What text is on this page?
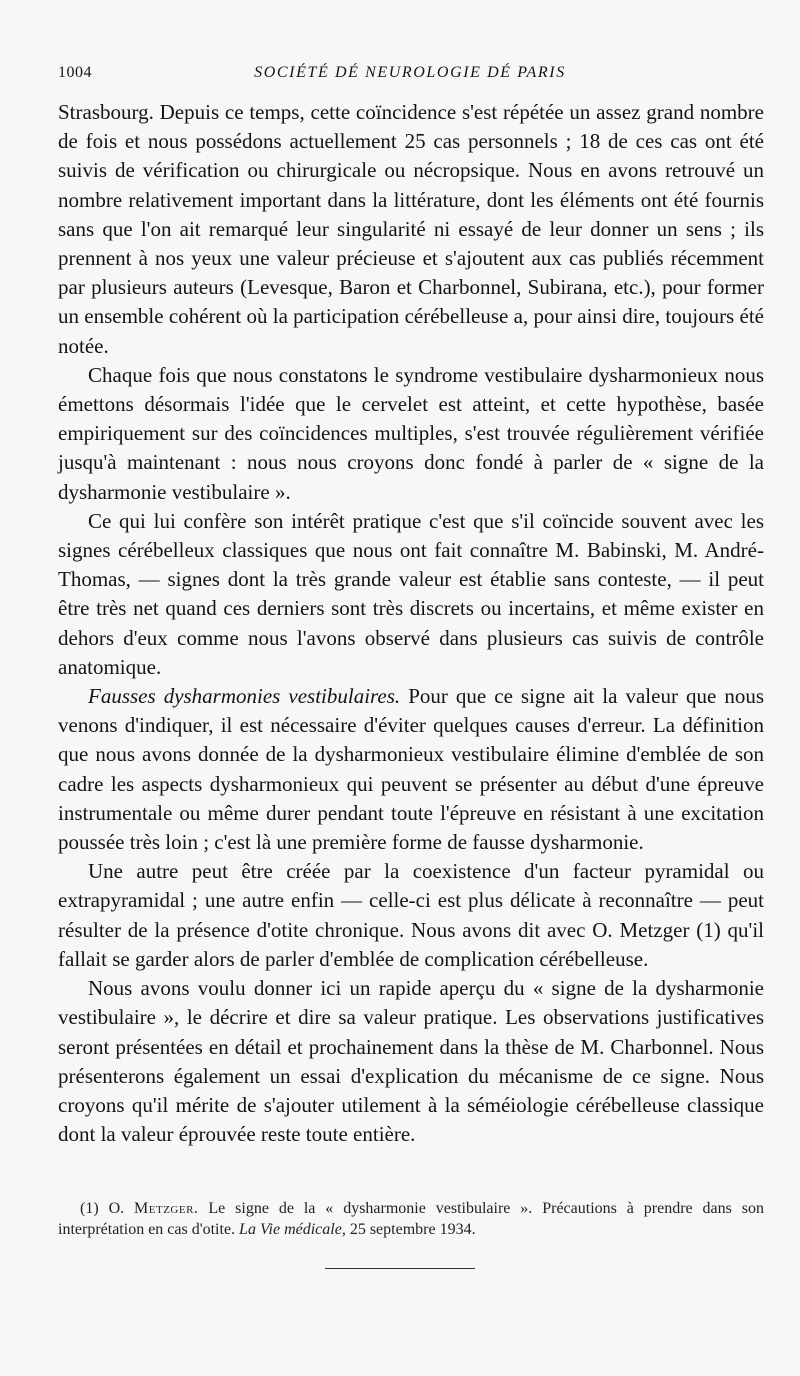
1004	SOCIÉTÉ DÉ NEUROLOGIE DÉ PARIS

Strasbourg. Depuis ce temps, cette coïncidence s'est répétée un assez grand nombre de fois et nous possédons actuellement 25 cas personnels ; 18 de ces cas ont été suivis de vérification ou chirurgicale ou nécropsique. Nous en avons retrouvé un nombre relativement important dans la littérature, dont les éléments ont été fournis sans que l'on ait remarqué leur singularité ni essayé de leur donner un sens ; ils prennent à nos yeux une valeur précieuse et s'ajoutent aux cas publiés récemment par plusieurs auteurs (Levesque, Baron et Charbonnel, Subirana, etc.), pour former un ensemble cohérent où la participation cérébelleuse a, pour ainsi dire, toujours été notée.

Chaque fois que nous constatons le syndrome vestibulaire dysharmonieux nous émettons désormais l'idée que le cervelet est atteint, et cette hypothèse, basée empiriquement sur des coïncidences multiples, s'est trouvée régulièrement vérifiée jusqu'à maintenant : nous nous croyons donc fondé à parler de « signe de la dysharmonie vestibulaire ».

Ce qui lui confère son intérêt pratique c'est que s'il coïncide souvent avec les signes cérébelleux classiques que nous ont fait connaître M. Babinski, M. André-Thomas, — signes dont la très grande valeur est établie sans conteste, — il peut être très net quand ces derniers sont très discrets ou incertains, et même exister en dehors d'eux comme nous l'avons observé dans plusieurs cas suivis de contrôle anatomique.

Fausses dysharmonies vestibulaires. Pour que ce signe ait la valeur que nous venons d'indiquer, il est nécessaire d'éviter quelques causes d'erreur. La définition que nous avons donnée de la dysharmonieux vestibulaire élimine d'emblée de son cadre les aspects dysharmonieux qui peuvent se présenter au début d'une épreuve instrumentale ou même durer pendant toute l'épreuve en résistant à une excitation poussée très loin ; c'est là une première forme de fausse dysharmonie.

Une autre peut être créée par la coexistence d'un facteur pyramidal ou extrapyramidal ; une autre enfin — celle-ci est plus délicate à reconnaître — peut résulter de la présence d'otite chronique. Nous avons dit avec O. Metzger (1) qu'il fallait se garder alors de parler d'emblée de complication cérébelleuse.

Nous avons voulu donner ici un rapide aperçu du « signe de la dysharmonie vestibulaire », le décrire et dire sa valeur pratique. Les observations justificatives seront présentées en détail et prochainement dans la thèse de M. Charbonnel. Nous présenterons également un essai d'explication du mécanisme de ce signe. Nous croyons qu'il mérite de s'ajouter utilement à la séméiologie cérébelleuse classique dont la valeur éprouvée reste toute entière.

(1) O. Metzger. Le signe de la « dysharmonie vestibulaire ». Précautions à prendre dans son interprétation en cas d'otite. La Vie médicale, 25 septembre 1934.
